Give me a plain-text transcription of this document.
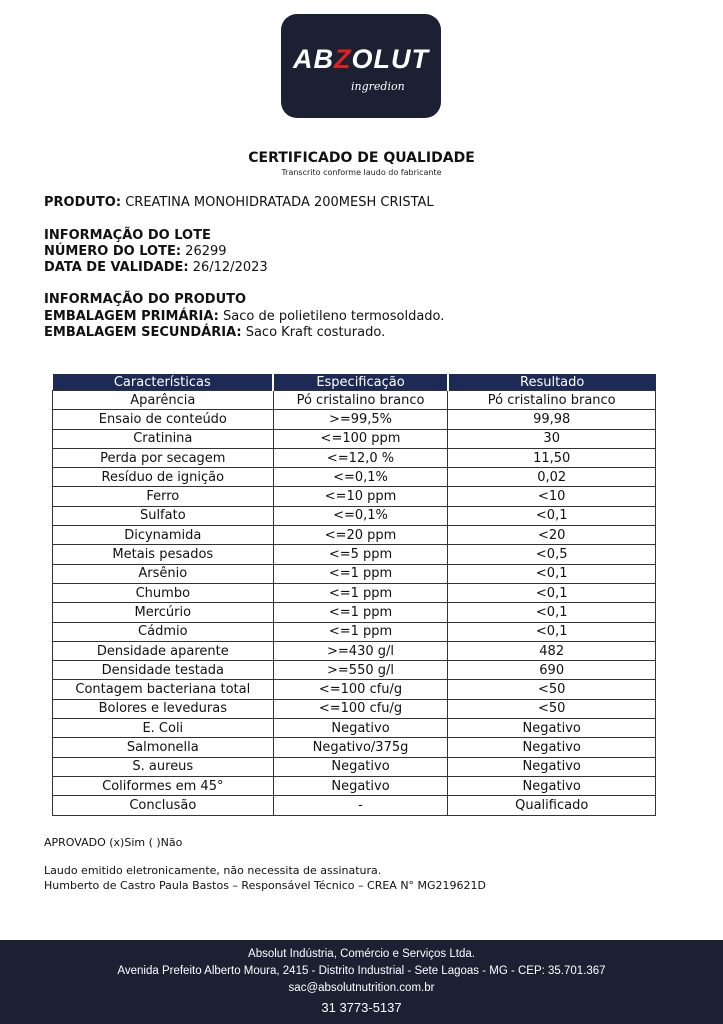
ABZOLUT
ingredion
CERTIFICADO DE QUALIDADE
Transcrito conforme laudo do fabricante
PRODUTO: CREATINA MONOHIDRATADA 200MESH CRISTAL
INFORMAÇÃO DO LOTE
NÚMERO DO LOTE: 26299
DATA DE VALIDADE: 26/12/2023
INFORMAÇÃO DO PRODUTO
EMBALAGEM PRIMÁRIA: Saco de polietileno termosoldado.
EMBALAGEM SECUNDÁRIA: Saco Kraft costurado.
Características	Especificação	Resultado
Aparência	Pó cristalino branco	Pó cristalino branco
Ensaio de conteúdo	>=99,5%	99,98
Cratinina	<=100 ppm	30
Perda por secagem	<=12,0 %	11,50
Resíduo de ignição	<=0,1%	0,02
Ferro	<=10 ppm	<10
Sulfato	<=0,1%	<0,1
Dicynamida	<=20 ppm	<20
Metais pesados	<=5 ppm	<0,5
Arsênio	<=1 ppm	<0,1
Chumbo	<=1 ppm	<0,1
Mercúrio	<=1 ppm	<0,1
Cádmio	<=1 ppm	<0,1
Densidade aparente	>=430 g/l	482
Densidade testada	>=550 g/l	690
Contagem bacteriana total	<=100 cfu/g	<50
Bolores e leveduras	<=100 cfu/g	<50
E. Coli	Negativo	Negativo
Salmonella	Negativo/375g	Negativo
S. aureus	Negativo	Negativo
Coliformes em 45°	Negativo	Negativo
Conclusão	-	Qualificado
APROVADO (x)Sim ( )Não
Laudo emitido eletronicamente, não necessita de assinatura.
Humberto de Castro Paula Bastos – Responsável Técnico – CREA N° MG219621D
Absolut Indústria, Comércio e Serviços Ltda.
Avenida Prefeito Alberto Moura, 2415 - Distrito Industrial - Sete Lagoas - MG - CEP: 35.701.367
sac@absolutnutrition.com.br
31 3773-5137
